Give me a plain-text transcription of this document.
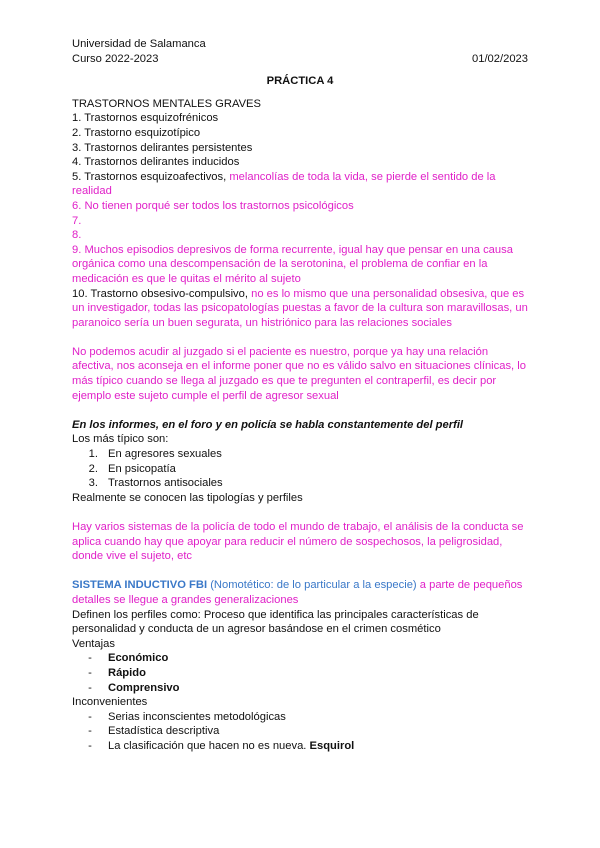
Universidad de Salamanca
Curso 2022-2023	01/02/2023
PRÁCTICA 4
TRASTORNOS MENTALES GRAVES
1. Trastornos esquizofrénicos
2. Trastorno esquizotípico
3. Trastornos delirantes persistentes
4. Trastornos delirantes inducidos
5. Trastornos esquizoafectivos, melancolías de toda la vida, se pierde el sentido de la realidad
6. No tienen porqué ser todos los trastornos psicológicos
7.
8.
9. Muchos episodios depresivos de forma recurrente, igual hay que pensar en una causa orgánica como una descompensación de la serotonina, el problema de confiar en la medicación es que le quitas el mérito al sujeto
10. Trastorno obsesivo-compulsivo, no es lo mismo que una personalidad obsesiva, que es un investigador, todas las psicopatologías puestas a favor de la cultura son maravillosas, un paranoico sería un buen segurata, un histriónico para las relaciones sociales
No podemos acudir al juzgado si el paciente es nuestro, porque ya hay una relación afectiva, nos aconseja en el informe poner que no es válido salvo en situaciones clínicas, lo más típico cuando se llega al juzgado es que te pregunten el contraperfil, es decir por ejemplo este sujeto cumple el perfil de agresor sexual
En los informes, en el foro y en policía se habla constantemente del perfil
Los más típico son:
1. En agresores sexuales
2. En psicopatía
3. Trastornos antisociales
Realmente se conocen las tipologías y perfiles
Hay varios sistemas de la policía de todo el mundo de trabajo, el análisis de la conducta se aplica cuando hay que apoyar para reducir el número de sospechosos, la peligrosidad, donde vive el sujeto, etc
SISTEMA INDUCTIVO FBI (Nomotético: de lo particular a la especie) a parte de pequeños detalles se llegue a grandes generalizaciones
Definen los perfiles como: Proceso que identifica las principales características de personalidad y conducta de un agresor basándose en el crimen cosmético
Ventajas
-	Económico
-	Rápido
-	Comprensivo
Inconvenientes
-	Serias inconscientes metodológicas
-	Estadística descriptiva
-	La clasificación que hacen no es nueva. Esquirol
